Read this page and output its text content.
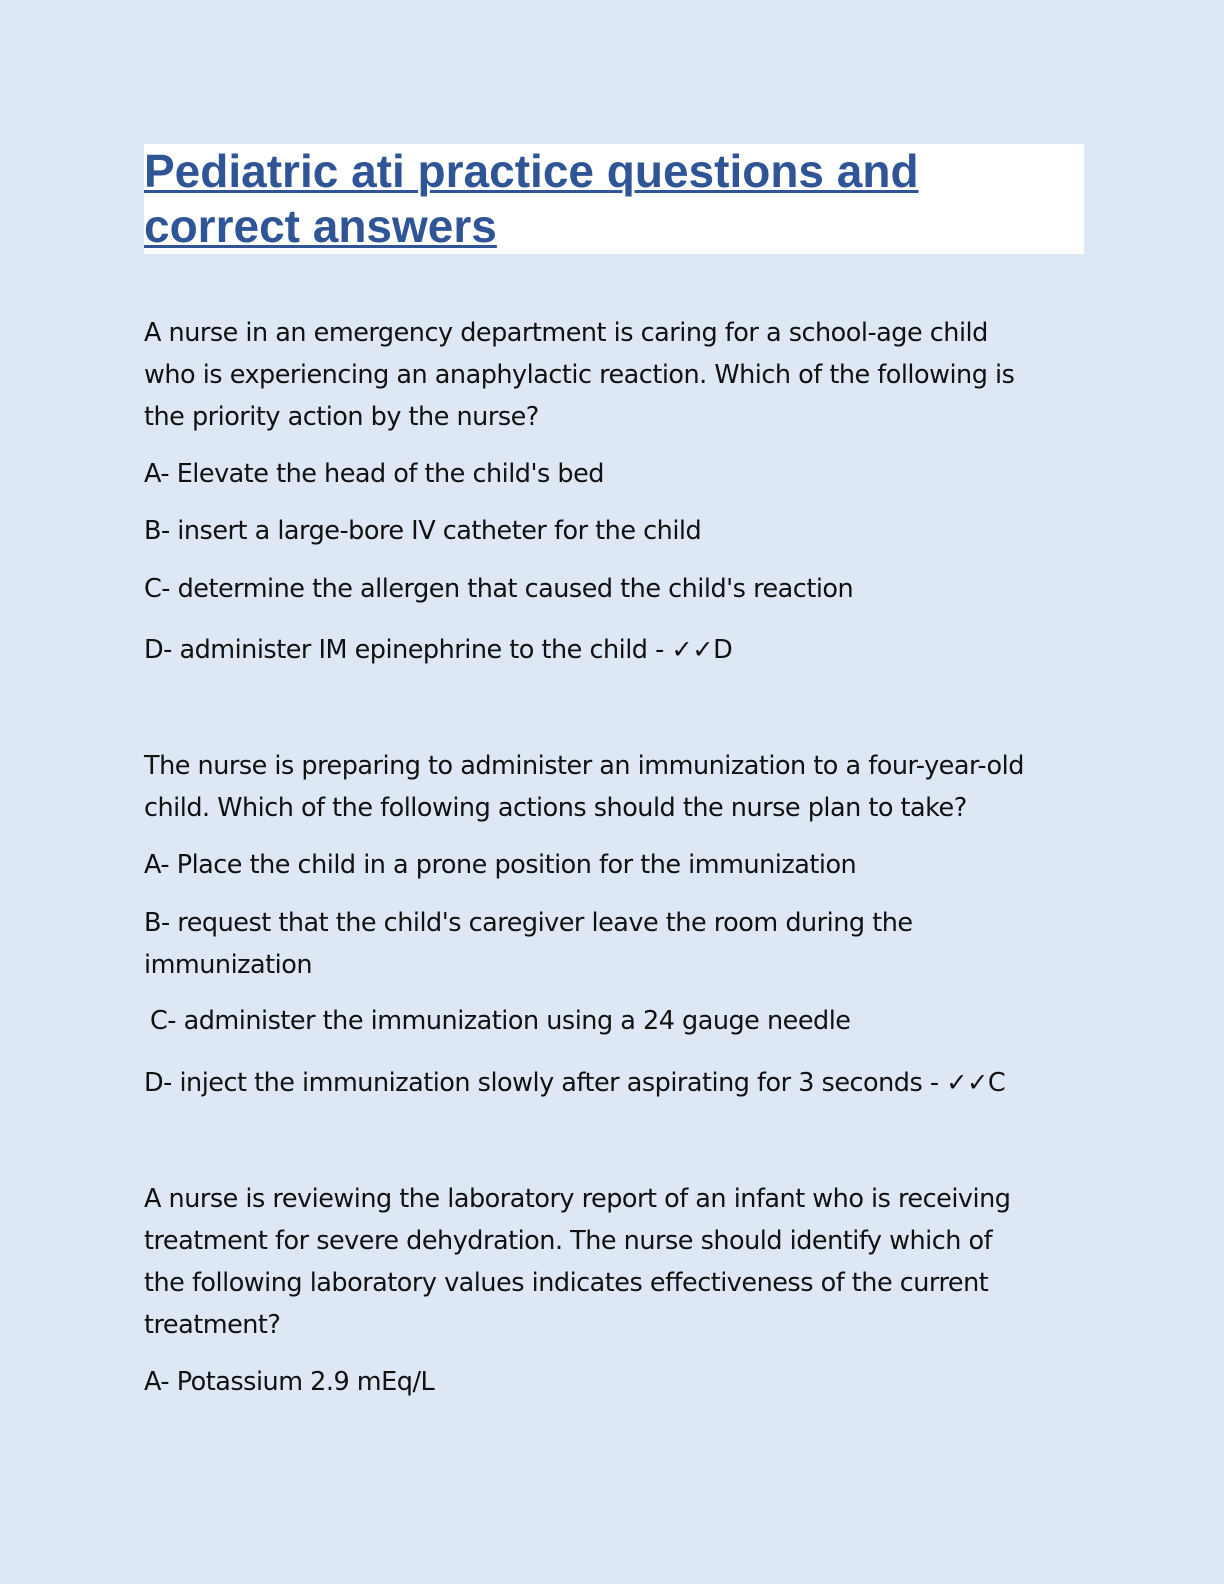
Pediatric ati practice questions and
correct answers

A nurse in an emergency department is caring for a school-age child

who is experiencing an anaphylactic reaction. Which of the following is

the priority action by the nurse?

A- Elevate the head of the child's bed

B- insert a large-bore IV catheter for the child

C- determine the allergen that caused the child's reaction

D- administer IM epinephrine to the child - ✓✓D

The nurse is preparing to administer an immunization to a four-year-old

child. Which of the following actions should the nurse plan to take?

A- Place the child in a prone position for the immunization

B- request that the child's caregiver leave the room during the

immunization

C- administer the immunization using a 24 gauge needle

D- inject the immunization slowly after aspirating for 3 seconds - ✓✓C

A nurse is reviewing the laboratory report of an infant who is receiving

treatment for severe dehydration. The nurse should identify which of

the following laboratory values indicates effectiveness of the current

treatment?

A- Potassium 2.9 mEq/L
